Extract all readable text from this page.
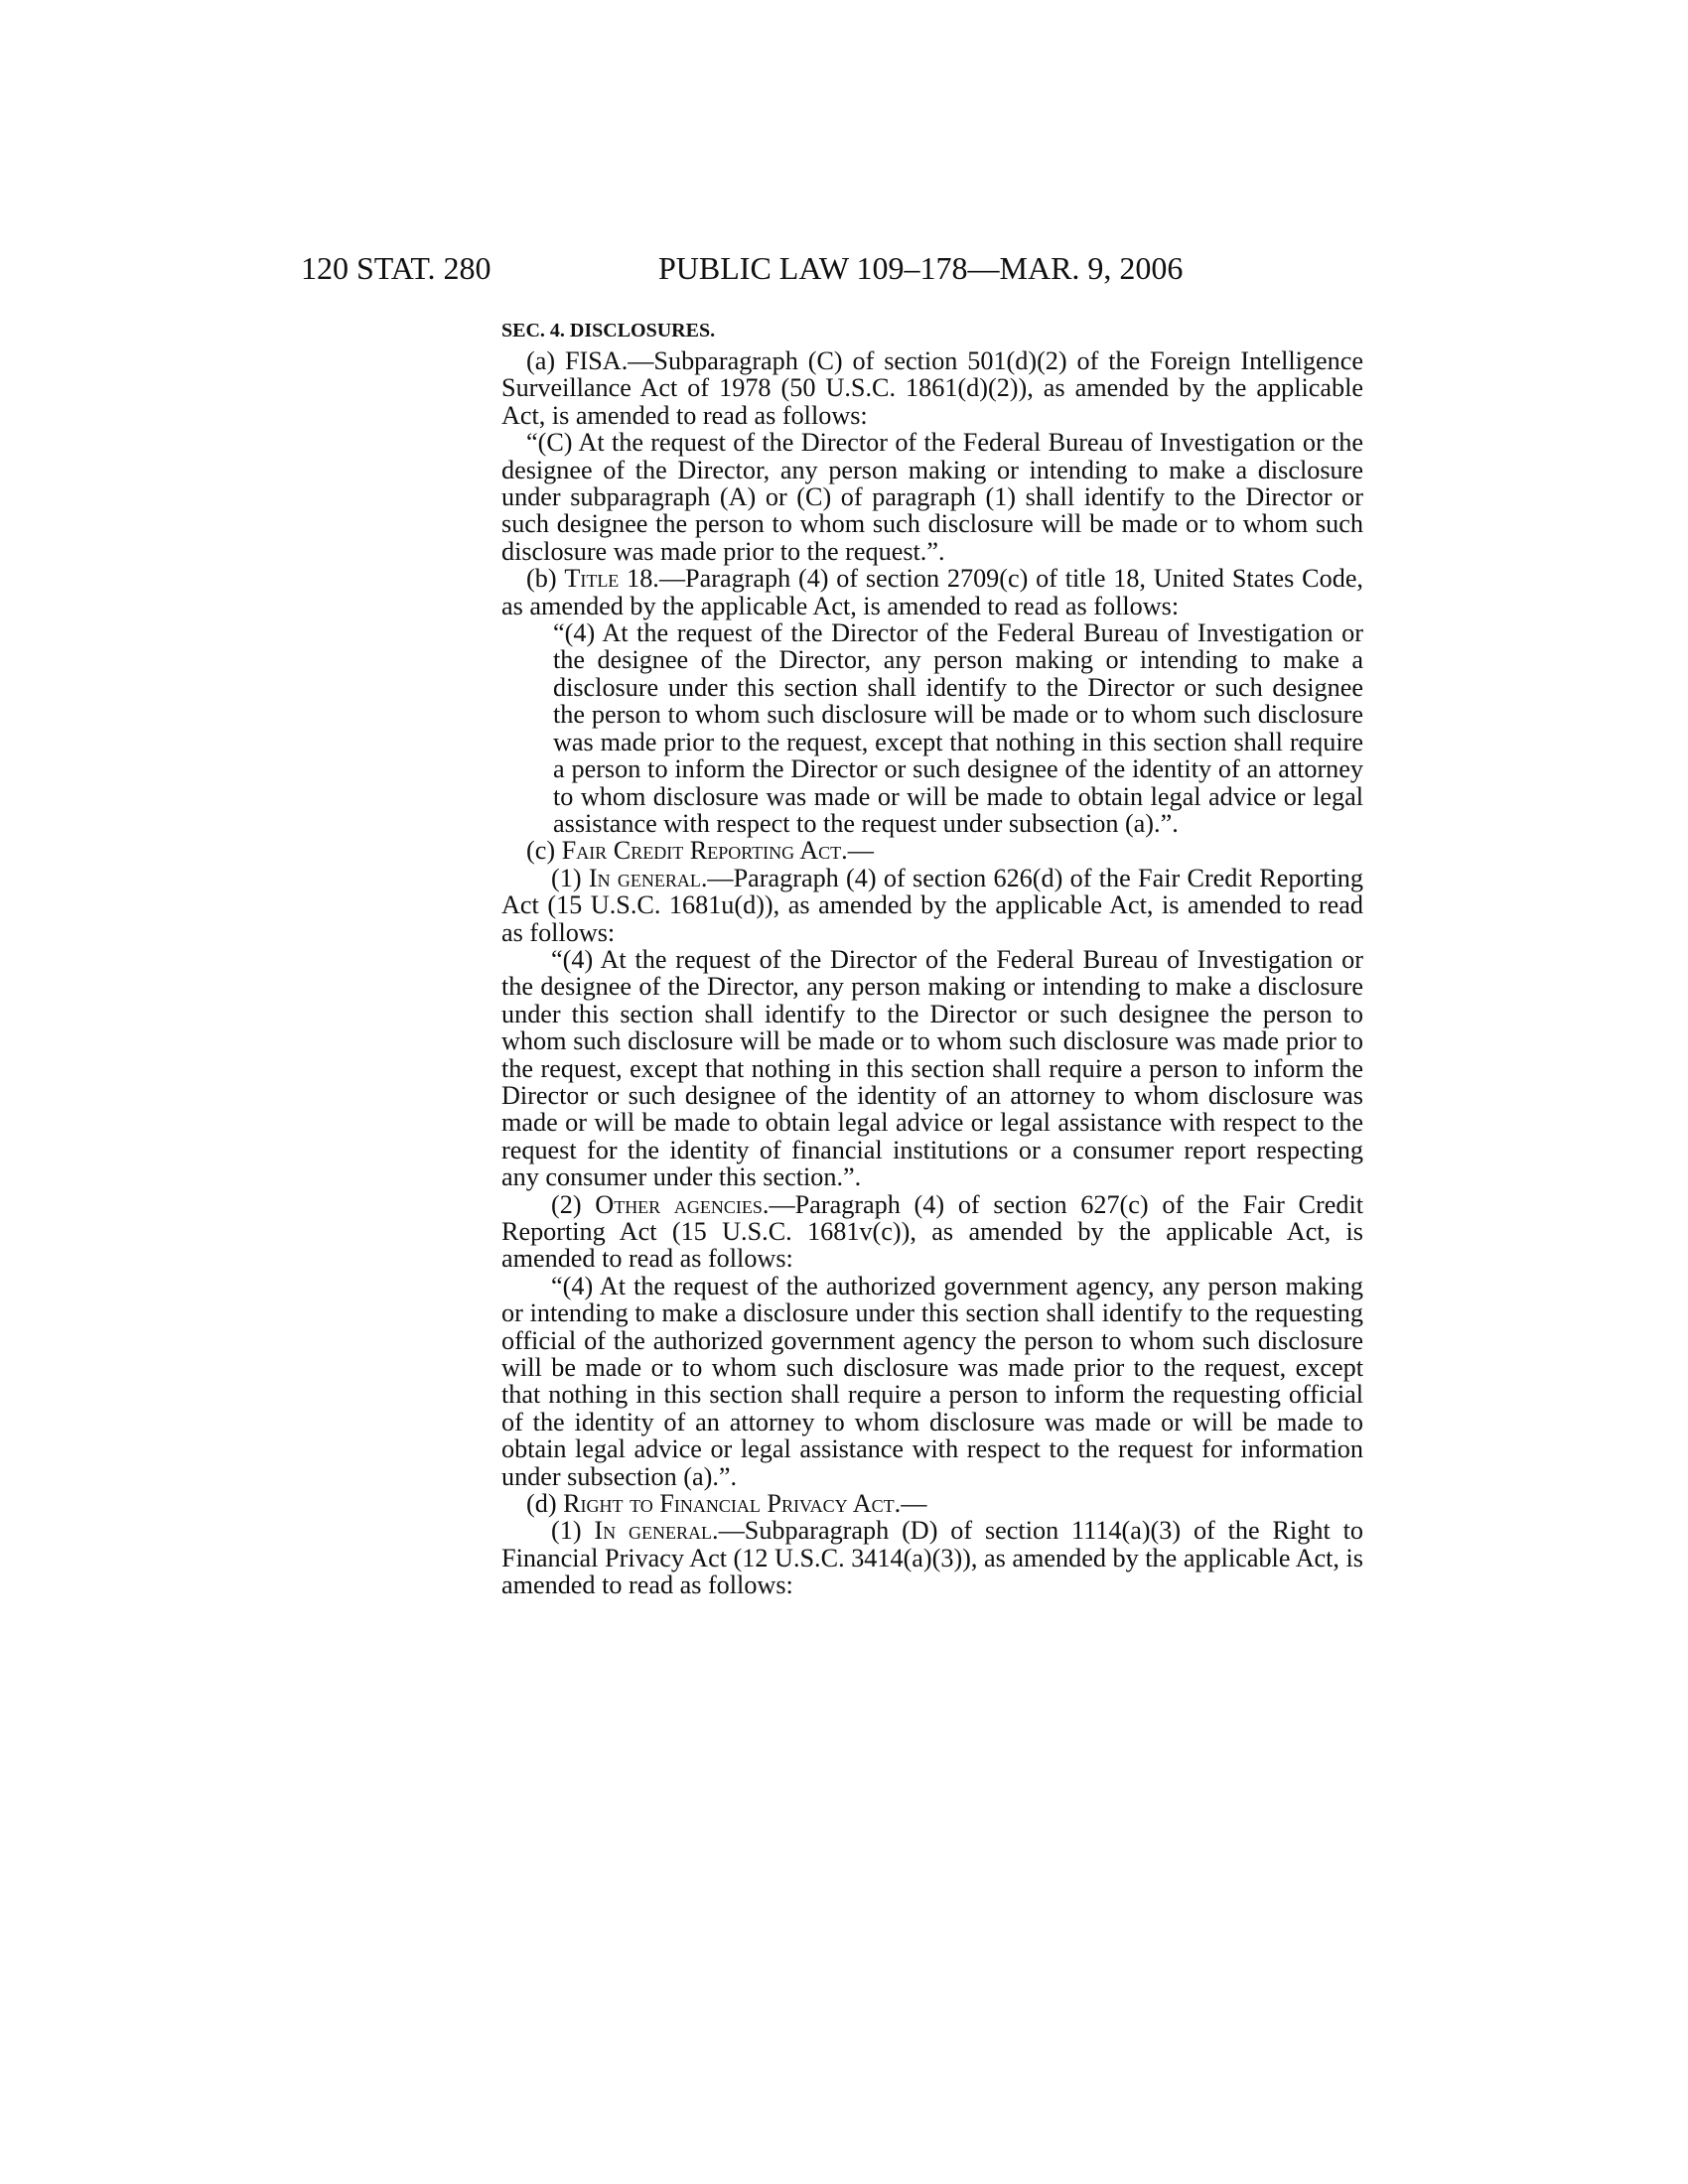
120 STAT. 280	PUBLIC LAW 109–178—MAR. 9, 2006
SEC. 4. DISCLOSURES.

(a) FISA.—Subparagraph (C) of section 501(d)(2) of the Foreign Intelligence Surveillance Act of 1978 (50 U.S.C. 1861(d)(2)), as amended by the applicable Act, is amended to read as follows:

“(C) At the request of the Director of the Federal Bureau of Investigation or the designee of the Director, any person making or intending to make a disclosure under subparagraph (A) or (C) of paragraph (1) shall identify to the Director or such designee the person to whom such disclosure will be made or to whom such disclosure was made prior to the request.”.

(b) Title 18.—Paragraph (4) of section 2709(c) of title 18, United States Code, as amended by the applicable Act, is amended to read as follows:

“(4) At the request of the Director of the Federal Bureau of Investigation or the designee of the Director, any person making or intending to make a disclosure under this section shall identify to the Director or such designee the person to whom such disclosure will be made or to whom such disclosure was made prior to the request, except that nothing in this section shall require a person to inform the Director or such designee of the identity of an attorney to whom disclosure was made or will be made to obtain legal advice or legal assistance with respect to the request under subsection (a).”.

(c) Fair Credit Reporting Act.—

(1) In general.—Paragraph (4) of section 626(d) of the Fair Credit Reporting Act (15 U.S.C. 1681u(d)), as amended by the applicable Act, is amended to read as follows:

“(4) At the request of the Director of the Federal Bureau of Investigation or the designee of the Director, any person making or intending to make a disclosure under this section shall identify to the Director or such designee the person to whom such disclosure will be made or to whom such disclosure was made prior to the request, except that nothing in this section shall require a person to inform the Director or such designee of the identity of an attorney to whom disclosure was made or will be made to obtain legal advice or legal assistance with respect to the request for the identity of financial institutions or a consumer report respecting any consumer under this section.”.

(2) Other agencies.—Paragraph (4) of section 627(c) of the Fair Credit Reporting Act (15 U.S.C. 1681v(c)), as amended by the applicable Act, is amended to read as follows:

“(4) At the request of the authorized government agency, any person making or intending to make a disclosure under this section shall identify to the requesting official of the authorized government agency the person to whom such disclosure will be made or to whom such disclosure was made prior to the request, except that nothing in this section shall require a person to inform the requesting official of the identity of an attorney to whom disclosure was made or will be made to obtain legal advice or legal assistance with respect to the request for information under subsection (a).”.

(d) Right to Financial Privacy Act.—

(1) In general.—Subparagraph (D) of section 1114(a)(3) of the Right to Financial Privacy Act (12 U.S.C. 3414(a)(3)), as amended by the applicable Act, is amended to read as follows:
